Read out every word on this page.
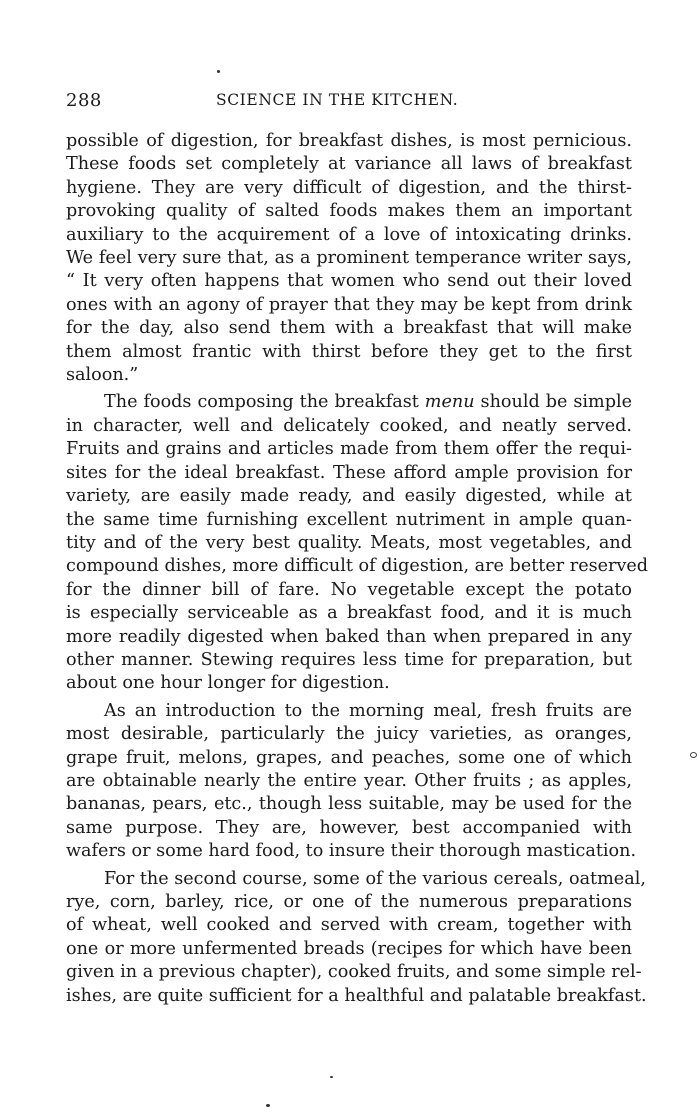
288	SCIENCE IN THE KITCHEN.

possible of digestion, for breakfast dishes, is most pernicious.
These foods set completely at variance all laws of breakfast
hygiene. They are very difficult of digestion, and the thirst-
provoking quality of salted foods makes them an important
auxiliary to the acquirement of a love of intoxicating drinks.
We feel very sure that, as a prominent temperance writer says,
“ It very often happens that women who send out their loved
ones with an agony of prayer that they may be kept from drink
for the day, also send them with a breakfast that will make
them almost frantic with thirst before they get to the first
saloon.”

The foods composing the breakfast menu should be simple
in character, well and delicately cooked, and neatly served.
Fruits and grains and articles made from them offer the requi-
sites for the ideal breakfast. These afford ample provision for
variety, are easily made ready, and easily digested, while at
the same time furnishing excellent nutriment in ample quan-
tity and of the very best quality. Meats, most vegetables, and
compound dishes, more difficult of digestion, are better reserved
for the dinner bill of fare. No vegetable except the potato
is especially serviceable as a breakfast food, and it is much
more readily digested when baked than when prepared in any
other manner. Stewing requires less time for preparation, but
about one hour longer for digestion.

As an introduction to the morning meal, fresh fruits are
most desirable, particularly the juicy varieties, as oranges,
grape fruit, melons, grapes, and peaches, some one of which
are obtainable nearly the entire year. Other fruits ; as apples,
bananas, pears, etc., though less suitable, may be used for the
same purpose. They are, however, best accompanied with
wafers or some hard food, to insure their thorough mastication.

For the second course, some of the various cereals, oatmeal,
rye, corn, barley, rice, or one of the numerous preparations
of wheat, well cooked and served with cream, together with
one or more unfermented breads (recipes for which have been
given in a previous chapter), cooked fruits, and some simple rel-
ishes, are quite sufficient for a healthful and palatable breakfast.
